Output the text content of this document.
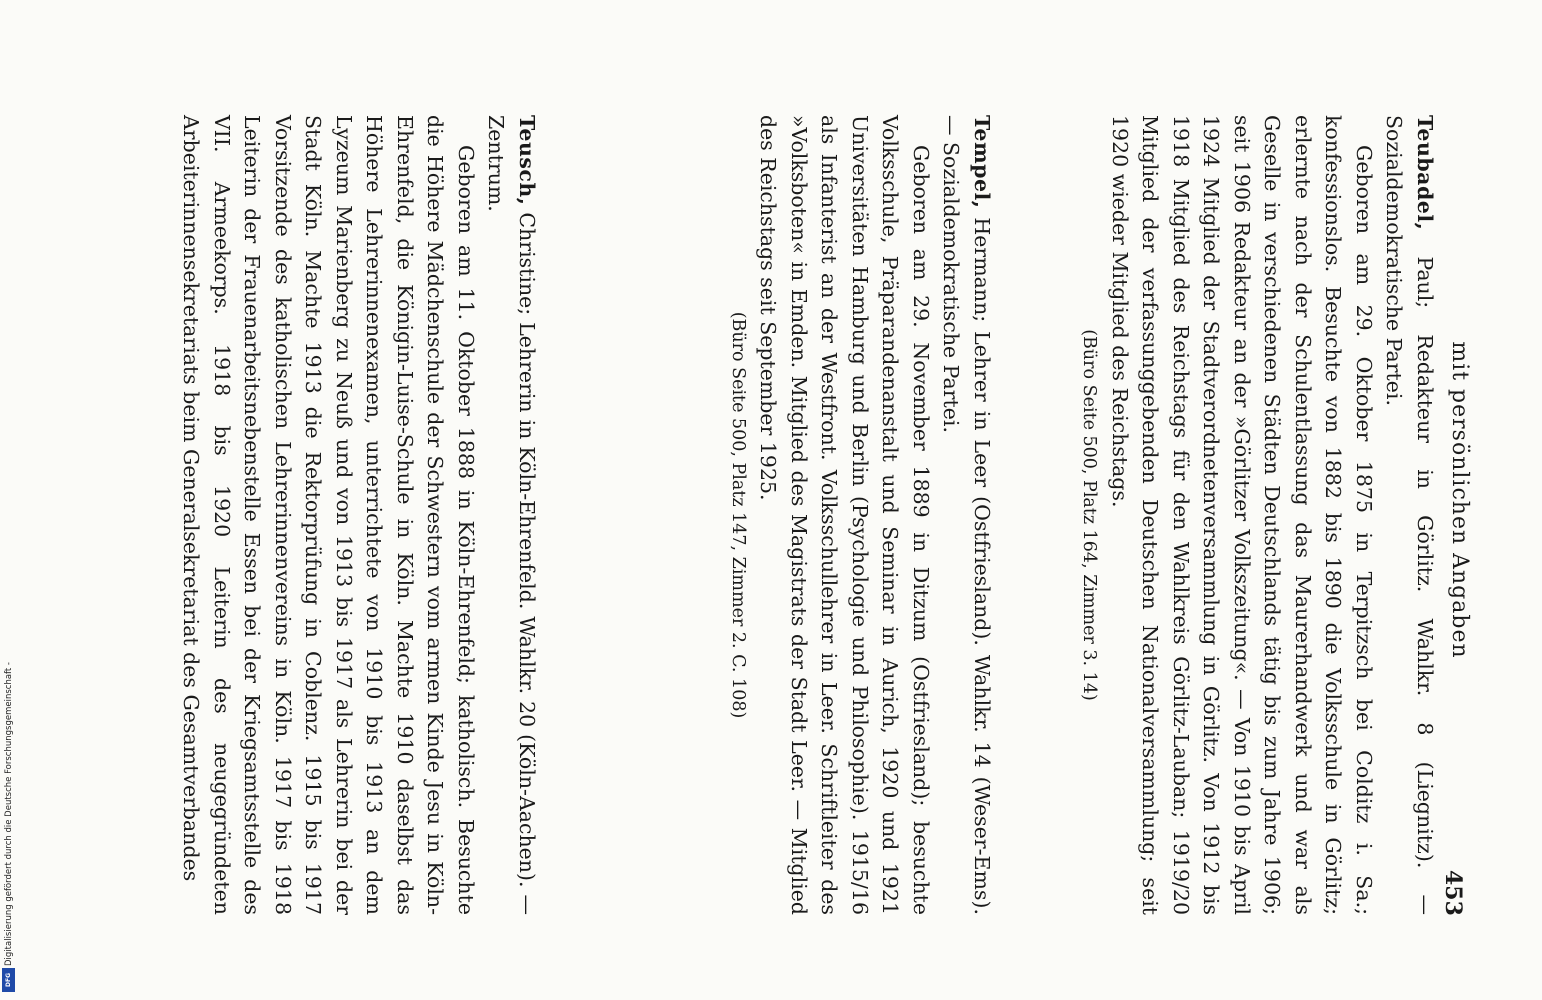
mit persönlichen Angaben
453

Teubadel, Paul; Redakteur in Görlitz. Wahlkr. 8 (Liegnitz). — Sozialdemokratische Partei.

Geboren am 29. Oktober 1875 in Terpitzsch bei Colditz i. Sa.; konfessionslos. Besuchte von 1882 bis 1890 die Volksschule in Görlitz; erlernte nach der Schulentlassung das Maurerhandwerk und war als Geselle in verschiedenen Städten Deutschlands tätig bis zum Jahre 1906; seit 1906 Redakteur an der »Görlitzer Volkszeitung«. — Von 1910 bis April 1924 Mitglied der Stadtverordnetenversammlung in Görlitz. Von 1912 bis 1918 Mitglied des Reichstags für den Wahlkreis Görlitz-Lauban; 1919/20 Mitglied der verfassunggebenden Deutschen Nationalversammlung; seit 1920 wieder Mitglied des Reichstags.

(Büro Seite 500, Platz 164, Zimmer 3. 14)

Tempel, Hermann; Lehrer in Leer (Ostfriesland). Wahlkr. 14 (Weser-Ems). — Sozialdemokratische Partei.

Geboren am 29. November 1889 in Ditzum (Ostfriesland); besuchte Volksschule, Präparandenanstalt und Seminar in Aurich, 1920 und 1921 Universitäten Hamburg und Berlin (Psychologie und Philosophie). 1915/16 als Infanterist an der Westfront. Volksschullehrer in Leer. Schriftleiter des »Volksboten« in Emden. Mitglied des Magistrats der Stadt Leer. — Mitglied des Reichstags seit September 1925.

(Büro Seite 500, Platz 147, Zimmer 2. C. 108)

Teusch, Christine; Lehrerin in Köln-Ehrenfeld. Wahlkr. 20 (Köln-Aachen). — Zentrum.

Geboren am 11. Oktober 1888 in Köln-Ehrenfeld; katholisch. Besuchte die Höhere Mädchenschule der Schwestern vom armen Kinde Jesu in Köln-Ehrenfeld, die Königin-Luise-Schule in Köln. Machte 1910 daselbst das Höhere Lehrerinnenexamen, unterrichtete von 1910 bis 1913 an dem Lyzeum Marienberg zu Neuß und von 1913 bis 1917 als Lehrerin bei der Stadt Köln. Machte 1913 die Rektorprüfung in Coblenz. 1915 bis 1917 Vorsitzende des katholischen Lehrerinnenvereins in Köln. 1917 bis 1918 Leiterin der Frauenarbeitsnebenstelle Essen bei der Kriegsamtsstelle des VII. Armeekorps. 1918 bis 1920 Leiterin des neugegründeten Arbeiterinnensekretariats beim Generalsekretariat des Gesamtverbandes

Digitalisierung gefördert durch die Deutsche Forschungsgemeinschaft -
DFG
